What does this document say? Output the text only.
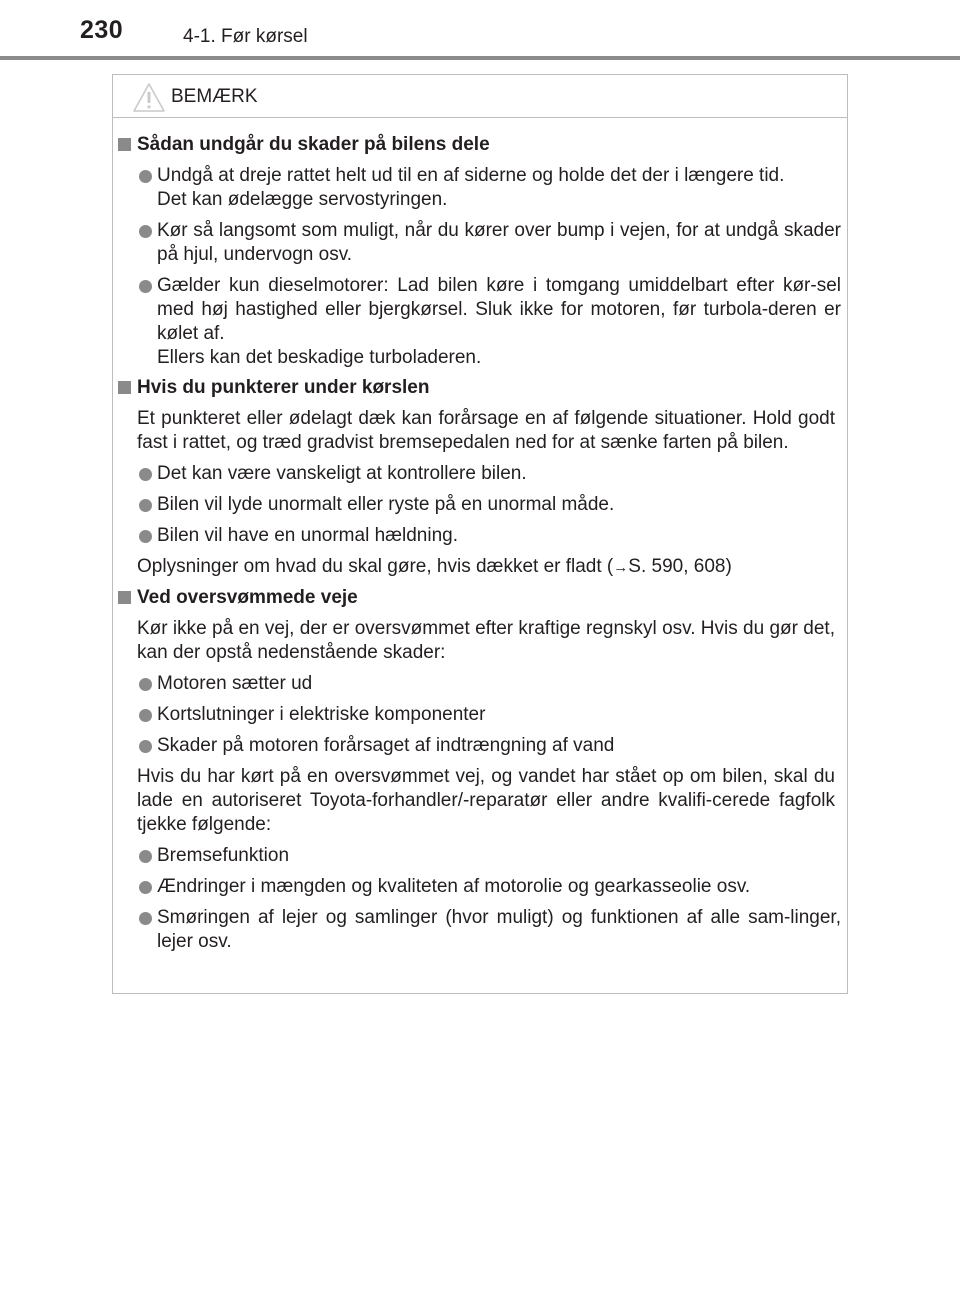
230	4-1. Før kørsel
BEMÆRK
Sådan undgår du skader på bilens dele
Undgå at dreje rattet helt ud til en af siderne og holde det der i længere tid.
Det kan ødelægge servostyringen.
Kør så langsomt som muligt, når du kører over bump i vejen, for at undgå skader på hjul, undervogn osv.
Gælder kun dieselmotorer: Lad bilen køre i tomgang umiddelbart efter kør-sel med høj hastighed eller bjergkørsel. Sluk ikke for motoren, før turbola-deren er kølet af.
Ellers kan det beskadige turboladeren.
Hvis du punkterer under kørslen
Et punkteret eller ødelagt dæk kan forårsage en af følgende situationer. Hold godt fast i rattet, og træd gradvist bremsepedalen ned for at sænke farten på bilen.
Det kan være vanskeligt at kontrollere bilen.
Bilen vil lyde unormalt eller ryste på en unormal måde.
Bilen vil have en unormal hældning.
Oplysninger om hvad du skal gøre, hvis dækket er fladt (→S. 590, 608)
Ved oversvømmede veje
Kør ikke på en vej, der er oversvømmet efter kraftige regnskyl osv. Hvis du gør det, kan der opstå nedenstående skader:
Motoren sætter ud
Kortslutninger i elektriske komponenter
Skader på motoren forårsaget af indtrængning af vand
Hvis du har kørt på en oversvømmet vej, og vandet har stået op om bilen, skal du lade en autoriseret Toyota-forhandler/-reparatør eller andre kvalifi-cerede fagfolk tjekke følgende:
Bremsefunktion
Ændringer i mængden og kvaliteten af motorolie og gearkasseolie osv.
Smøringen af lejer og samlinger (hvor muligt) og funktionen af alle sam-linger, lejer osv.
